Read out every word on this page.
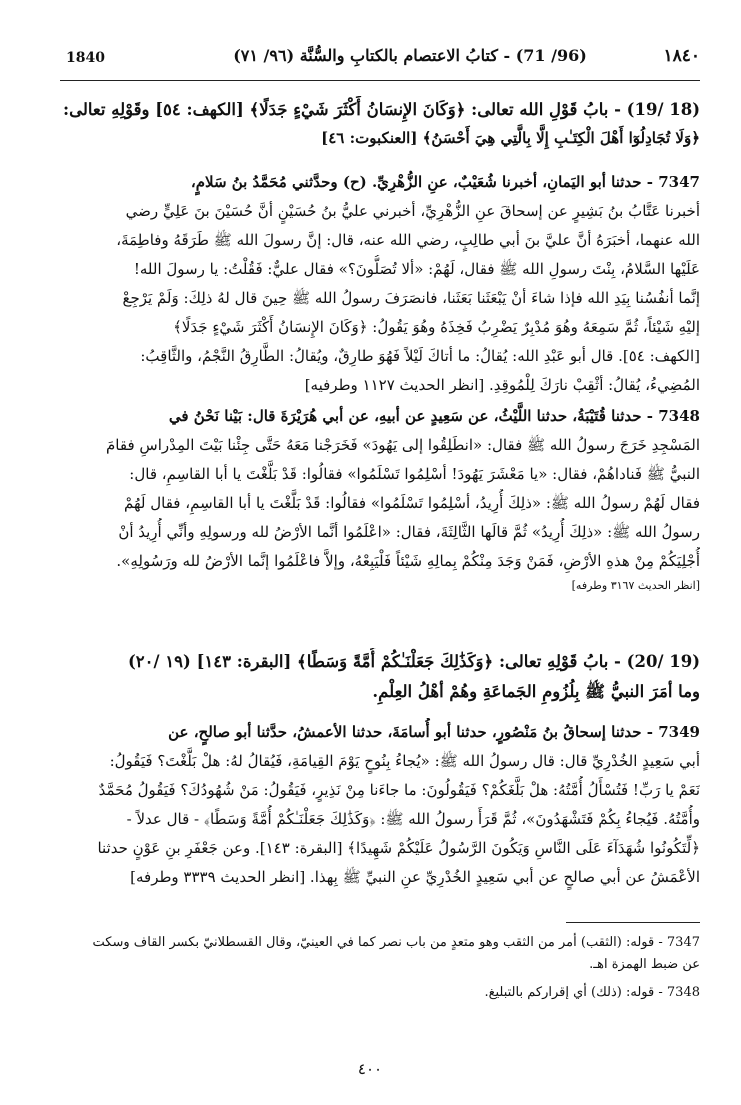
1840	(96/ 71) - كتابُ الاعتصام بالكتابِ والسُّنَّة (٩٦/ ٧١)	١٨٤٠
(18 /19) - بابُ قَوْلِ الله تعالى: ﴿وَكَانَ الإِنسَانُ أَكْثَرَ شَيْءٍ جَدَلًا﴾ [الكهف: ٥٤] وقَوْلِهِ تعالى:
﴿وَلَا تُجَادِلُوٓا أَهْلَ الْكِتَـٰبِ إِلَّا بِالَّتِي هِيَ أَحْسَنُ﴾ [العنكبوت: ٤٦]
7347 - حدثنا أبو اليَمانِ، أخبرنا شُعَيْبٌ، عنِ الزُّهْرِيِّ. (ح) وحدَّثني مُحَمَّدُ بنُ سَلامٍ،
أخبرنا عَتَّابُ بنُ بَشِيرٍ عن إسحاقَ عنِ الزُّهْرِيِّ، أخبرني عليُّ بنُ حُسَيْنٍ أنَّ حُسَيْنَ بنَ عَلِيٍّ رضي
الله عنهما، أخبَرَهُ أنَّ عليَّ بنَ أبي طالِبٍ، رضي الله عنه، قال: إنَّ رسولَ الله ﷺ طَرَقَهُ وفاطِمَةَ،
عَلَيْها السَّلامُ، بِنْتَ رسولِ الله ﷺ فقال، لَهُمْ: «ألا تُصَلُّونَ؟» فقال عليٌّ: فَقُلْتُ: يا رسولَ الله!
إنَّما أنفُسُنا بِيَدِ الله فإذا شاءَ أنْ يَبْعَثَنا بَعَثَنا، فانصَرَفَ رسولُ الله ﷺ حِينَ قال لهُ ذلِكَ: وَلَمْ يَرْجِعْ
إليْهِ شَيْئاً، ثُمَّ سَمِعَهُ وهُوَ مُدْبِرٌ يَضْرِبُ فَخِذَهُ وهُوَ يَقُولُ: ﴿وَكَانَ الإِنسَانُ أَكْثَرَ شَيْءٍ جَدَلًا﴾
[الكهف: ٥٤]. قال أبو عَبْدِ الله: يُقالُ: ما أتاكَ لَيْلاً فَهُوَ طارِقٌ، ويُقالُ: الطَّارِقُ النَّجْمُ، والثَّاقِبُ:
المُضِيءُ، يُقالُ: أثْقِبْ نارَكَ لِلْمُوقِدِ. [انظر الحديث ١١٢٧ وطرفيه]
7348 - حدثنا قُتَيْبَةُ، حدثنا اللَّيْثُ، عن سَعِيدٍ عن أبيهِ، عن أبي هُرَيْرَةَ قال: بَيْنا نَحْنُ في
المَسْجِدِ خَرَجَ رسولُ الله ﷺ فقال: «انطَلِقُوا إلى يَهُودَ» فَخَرَجْنا مَعَهُ حَتَّى جِئْنا بَيْتَ المِدْراسِ فقامَ
النبيُّ ﷺ فَناداهُمْ، فقال: «يا مَعْشَرَ يَهُودَ! أسْلِمُوا تَسْلَمُوا» فقالُوا: قَدْ بَلَّغْتَ يا أبا القاسِمِ، قال:
فقال لَهُمْ رسولُ الله ﷺ: «ذلِكَ أُرِيدُ، أسْلِمُوا تَسْلَمُوا» فقالُوا: قَدْ بَلَّغْتَ يا أبا القاسِمِ، فقال لَهُمْ
رسولُ الله ﷺ: «ذلِكَ أُرِيدُ» ثُمَّ قالَها الثَّالِثَةَ، فقال: «اعْلَمُوا أنَّما الأرْضُ لله ورسولِهِ وأنِّي أُرِيدُ أنْ
أُجْلِيَكُمْ مِنْ هذهِ الأرْضِ، فَمَنْ وَجَدَ مِنْكُمْ بِمالِهِ شَيْئاً فَلْيَبِعْهُ، وإلاَّ فاعْلَمُوا إنَّما الأرْضُ لله ورَسُولِهِ».
[انظر الحديث ٣١٦٧ وطرفه]
(19 /20) - بابُ قَوْلِهِ تعالى: ﴿وَكَذَٰلِكَ جَعَلْنَـٰكُمْ أُمَّةً وَسَطًا﴾ [البقرة: ١٤٣] (١٩ /٢٠)
وما أمَرَ النبيُّ ﷺ بِلُزُومِ الجَماعَةِ وهُمْ أهْلُ العِلْمِ.
7349 - حدثنا إسحاقُ بنُ مَنْصُورٍ، حدثنا أبو أُسامَةَ، حدثنا الأعمشُ، حدَّثنا أبو صالحٍ، عن
أبي سَعِيدٍ الخُدْرِيِّ قال: قال رسولُ الله ﷺ: «يُجاءُ بِنُوحٍ يَوْمَ القِيامَةِ، فَيُقالُ لهُ: هلْ بَلَّغْتَ؟ فَيَقُولُ:
نَعَمْ يا رَبِّ! فَتُسْأَلُ أُمَّتُهُ: هلْ بَلَّغَكُمْ؟ فَيَقُولُونَ: ما جاءَنا مِنْ نَذِيرٍ، فَيَقُولُ: مَنْ شُهُودُكَ؟ فَيَقُولُ مُحَمَّدٌ
وأُمَّتُهُ. فَيُجاءُ بِكُمْ فَتَشْهَدُونَ»، ثُمَّ قَرَأَ رسولُ الله ﷺ: ﴿وَكَذَٰلِكَ جَعَلْنَـٰكُمْ أُمَّةً وَسَطًا﴾ - قال عدلاً -
﴿لِّتَكُونُوا شُهَدَآءَ عَلَى النَّاسِ وَيَكُونَ الرَّسُولُ عَلَيْكُمْ شَهِيدًا﴾ [البقرة: ١٤٣]. وعن جَعْفَرِ بنِ عَوْنٍ حدثنا
الأعْمَشُ عن أبي صالحٍ عن أبي سَعِيدٍ الخُدْرِيِّ عنِ النبيِّ ﷺ بِهذا. [انظر الحديث ٣٣٣٩ وطرفه]
7347 - قوله: (الثقب) أمر من الثقب وهو متعدٍ من باب نصر كما في العينيّ، وقال القسطلانيّ بكسر القاف وسكت
عن ضبط الهمزة اهـ.
7348 - قوله: (ذلك) أي إقراركم بالتبليغ.
٤٠٠
